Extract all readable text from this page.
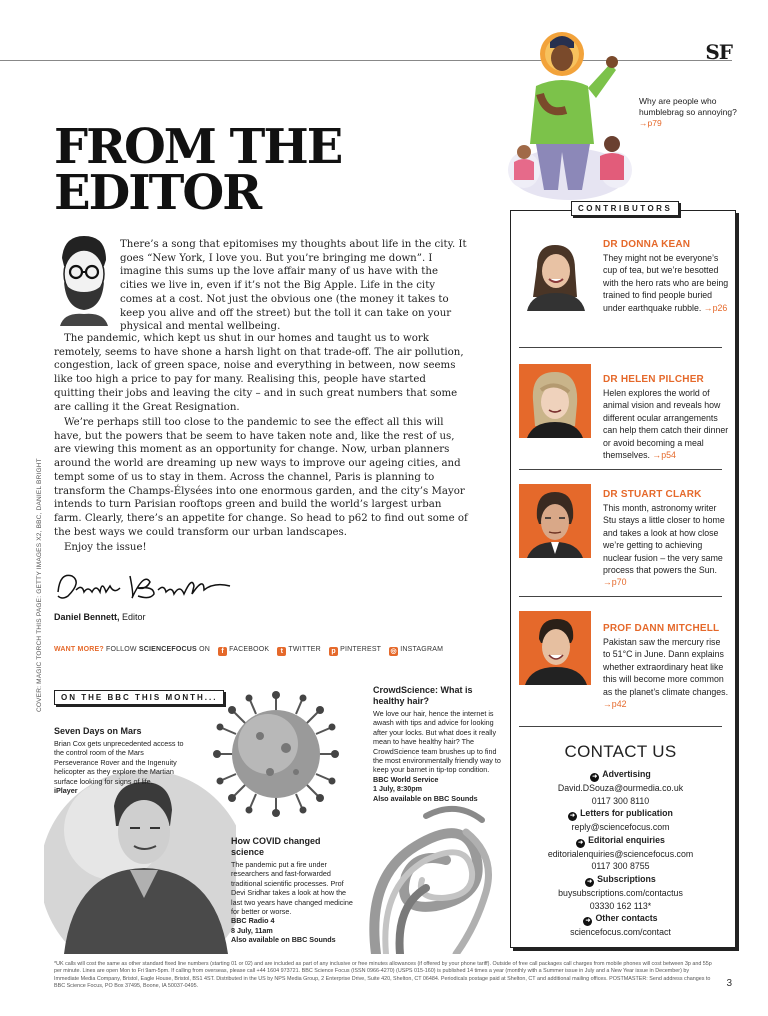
SF
Why are people who humblebrag so annoying? →p79
FROM THE
EDITOR

There’s a song that epitomises my thoughts about life in the city. It goes “New York, I love you. But you’re bringing me down”. I imagine this sums up the love affair many of us have with the cities we live in, even if it’s not the Big Apple. Life in the city comes at a cost. Not just the obvious one (the money it takes to keep you alive and off the street) but the toll it can take on your physical and mental wellbeing.

The pandemic, which kept us shut in our homes and taught us to work remotely, seems to have shone a harsh light on that trade-off. The air pollution, congestion, lack of green space, noise and everything in between, now seems like too high a price to pay for many. Realising this, people have started quitting their jobs and leaving the city – and in such great numbers that some are calling it the Great Resignation.

We’re perhaps still too close to the pandemic to see the effect all this will have, but the powers that be seem to have taken note and, like the rest of us, are viewing this moment as an opportunity for change. Now, urban planners around the world are dreaming up new ways to improve our ageing cities, and tempt some of us to stay in them. Across the channel, Paris is planning to transform the Champs-Élysées into one enormous garden, and the city’s Mayor intends to turn Parisian rooftops green and build the world’s largest urban farm. Clearly, there’s an appetite for change. So head to p62 to find out some of the best ways we could transform our urban landscapes.

Enjoy the issue!

Daniel Bennett, Editor
WANT MORE? FOLLOW SCIENCEFOCUS ON f FACEBOOK t TWITTER p PINTEREST ◎ INSTAGRAM
COVER: MAGIC TORCH THIS PAGE: GETTY IMAGES X2, BBC, DANIEL BRIGHT
CONTRIBUTORS
DR DONNA KEAN
They might not be everyone’s cup of tea, but we’re besotted with the hero rats who are being trained to find people buried under earthquake rubble. →p26
DR HELEN PILCHER
Helen explores the world of animal vision and reveals how different ocular arrangements can help them catch their dinner or avoid becoming a meal themselves. →p54
DR STUART CLARK
This month, astronomy writer Stu stays a little closer to home and takes a look at how close we’re getting to achieving nuclear fusion – the very same process that powers the Sun. →p70
PROF DANN MITCHELL
Pakistan saw the mercury rise to 51°C in June. Dann explains whether extraordinary heat like this will become more common as the planet’s climate changes. →p42
CONTACT US
➜ Advertising
David.DSouza@ourmedia.co.uk
0117 300 8110
➜ Letters for publication
reply@sciencefocus.com
➜ Editorial enquiries
editorialenquiries@sciencefocus.com
0117 300 8755
➜ Subscriptions
buysubscriptions.com/contactus
03330 162 113*
➜ Other contacts
sciencefocus.com/contact
ON THE BBC THIS MONTH...
Seven Days on Mars
Brian Cox gets unprecedented access to the control room of the Mars Perseverance Rover and the Ingenuity helicopter as they explore the Martian surface looking for signs of life.
iPlayer
CrowdScience: What is healthy hair?
We love our hair, hence the internet is awash with tips and advice for looking after your locks. But what does it really mean to have healthy hair? The CrowdScience team brushes up to find the most environmentally friendly way to keep your barnet in tip-top condition.
BBC World Service
1 July, 8:30pm
Also available on BBC Sounds
How COVID changed science
The pandemic put a fire under researchers and fast-forwarded traditional scientific processes. Prof Devi Sridhar takes a look at how the last two years have changed medicine for better or worse.
BBC Radio 4
8 July, 11am
Also available on BBC Sounds
*UK calls will cost the same as other standard fixed line numbers (starting 01 or 02) and are included as part of any inclusive or free minutes allowances (if offered by your phone tariff). Outside of free call packages call charges from mobile phones will cost between 3p and 55p per minute. Lines are open Mon to Fri 9am-5pm. If calling from overseas, please call +44 1604 973721. BBC Science Focus (ISSN 0966-4270) (USPS 015-160) is published 14 times a year (monthly with a Summer issue in July and a New Year issue in December) by Immediate Media Company, Bristol, Eagle House, Bristol, BS1 4ST. Distributed in the US by NPS Media Group, 2 Enterprise Drive, Suite 420, Shelton, CT 06484. Periodicals postage paid at Shelton, CT and additional mailing offices. POSTMASTER: Send address changes to BBC Science Focus, PO Box 37495, Boone, IA 50037-0495.	3
